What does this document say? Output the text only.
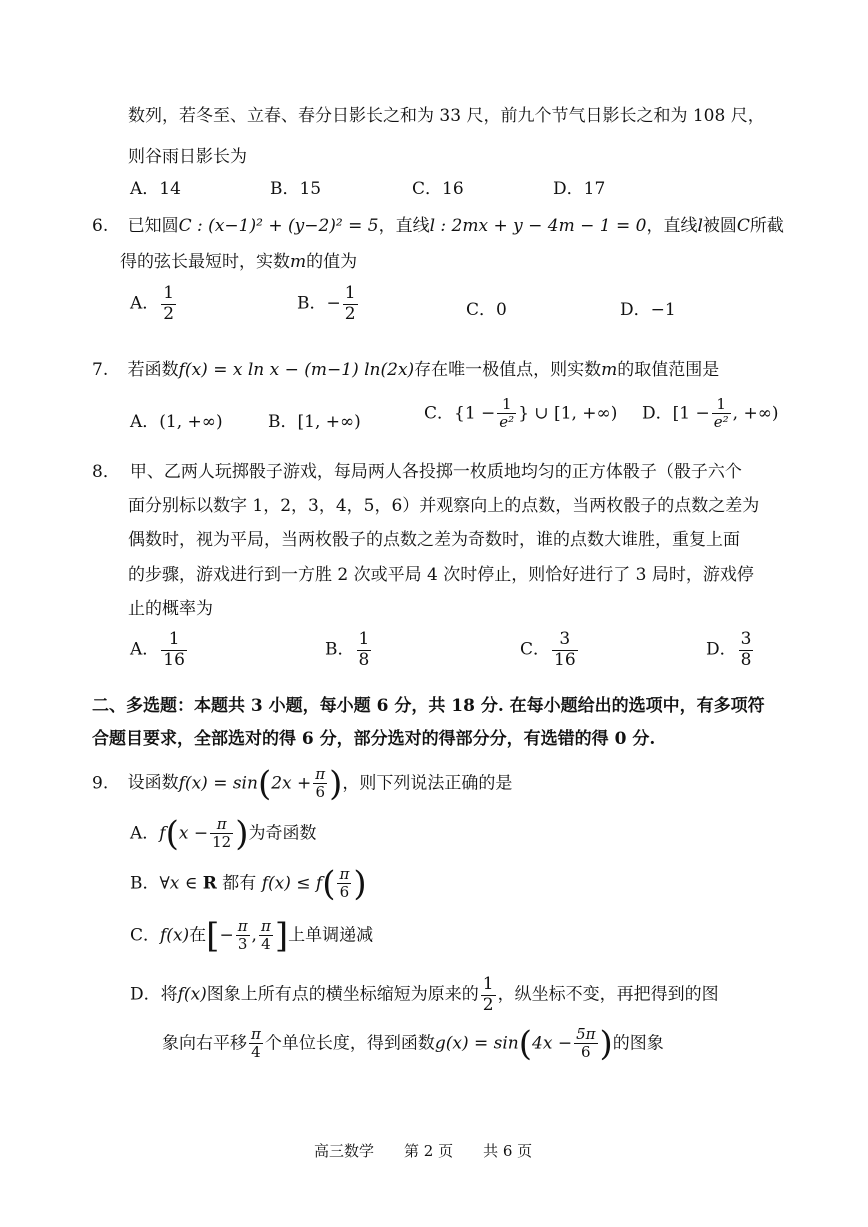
数列，若冬至、立春、春分日影长之和为 33 尺，前九个节气日影长之和为 108 尺，
则谷雨日影长为
A．14	B．15	C．16	D．17
6. 已知圆C : (x−1)² + (y−2)² = 5，直线l : 2mx + y − 4m − 1 = 0，直线l被圆C所截
得的弦长最短时，实数m的值为
A． $\frac{1}{2}$	B．− $\frac{1}{2}$	C．0	D．−1
7. 若函数f(x) = x ln x − (m−1) ln(2x)存在唯一极值点，则实数m的取值范围是
A．(1, +∞)	B．[1, +∞)	C．{$1 - \frac{1}{\text{e²}}$ } ∪ [1, +∞) D．[$1 - \frac{1}{\text{e²}}$ , +∞)
8． 甲、乙两人玩掷骰子游戏，每局两人各投掷一枚质地均匀的正方体骰子（骰子六个
面分别标以数字 1，2，3，4，5，6）并观察向上的点数，当两枚骰子的点数之差为
偶数时，视为平局，当两枚骰子的点数之差为奇数时，谁的点数大谁胜，重复上面
的步骤，游戏进行到一方胜 2 次或平局 4 次时停止，则恰好进行了 3 局时，游戏停
止的概率为
A． $\frac{1}{16}$	B． $\frac{1}{8}$	C． $\frac{3}{16}$	D． $\frac{3}{8}$
二、多选题：本题共 3 小题，每小题 6 分，共 18 分. 在每小题给出的选项中，有多项符
合题目要求，全部选对的得 6 分，部分选对的得部分分，有选错的得 0 分.
9. 设函数$f(x) = \sin(2x + \frac{\pi}{6}$ )，则下列说法正确的是
A．$f(x - \frac{\pi}{12}$ )为奇函数
B．∀x ∈ R 都有 $f(x) \le f( \frac{\pi}{6}$ )
C．f(x)在[− $\frac{\pi}{3}$ , $\frac{\pi}{4}$ ]上单调递减
D．将f(x)图象上所有点的横坐标缩短为原来的 $\frac{1}{2}$ ，纵坐标不变，再把得到的图
象向右平移 $\frac{\pi}{4}$ 个单位长度，得到函数$g(x) = \sin(4x - \frac{5\pi}{6}$ )的图象
高三数学　　第 2 页　　共 6 页
